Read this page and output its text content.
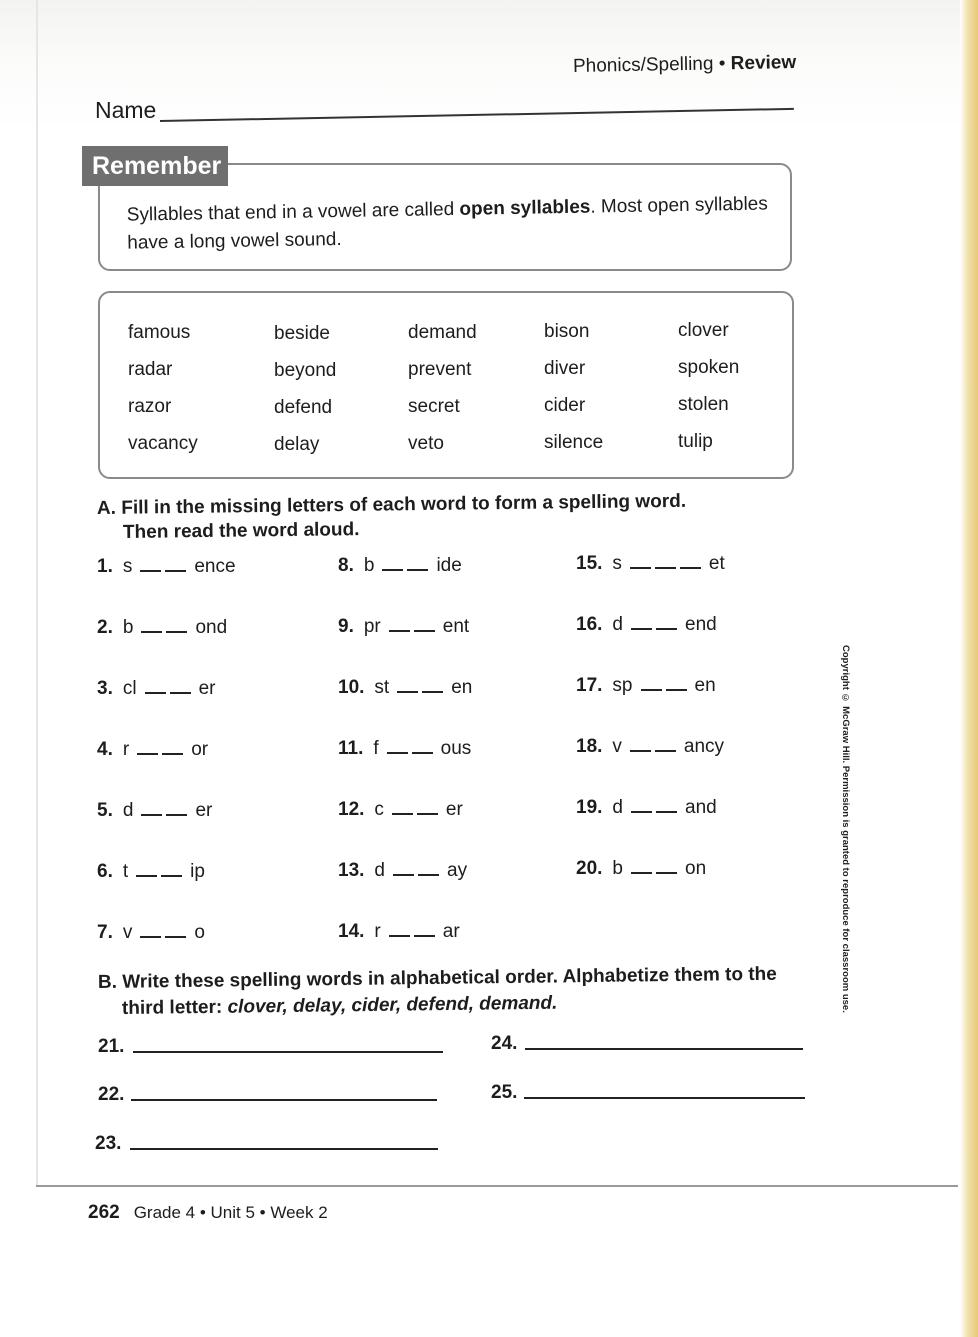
Phonics/Spelling • Review
Name
Remember
Syllables that end in a vowel are called open syllables. Most open syllables
have a long vowel sound.
famous	beside	demand	bison	clover
radar	beyond	prevent	diver	spoken
razor	defend	secret	cider	stolen
vacancy	delay	veto	silence	tulip
A. Fill in the missing letters of each word to form a spelling word.
Then read the word aloud.
1. s	ence
2. b	ond
3. cl	er
4. r	or
5. d	er
6. t	ip
7. v	o
8. b	ide
9. pr	ent
10. st	en
11. f	ous
12. c	er
13. d	ay
14. r	ar
15. s	et
16. d	end
17. sp	en
18. v	ancy
19. d	and
20. b	on
B. Write these spelling words in alphabetical order. Alphabetize them to the
third letter: clover, delay, cider, defend, demand.
21.
22.
23.
24.
25.
Copyright © McGraw Hill. Permission is granted to reproduce for classroom use.
262 Grade 4 • Unit 5 • Week 2
